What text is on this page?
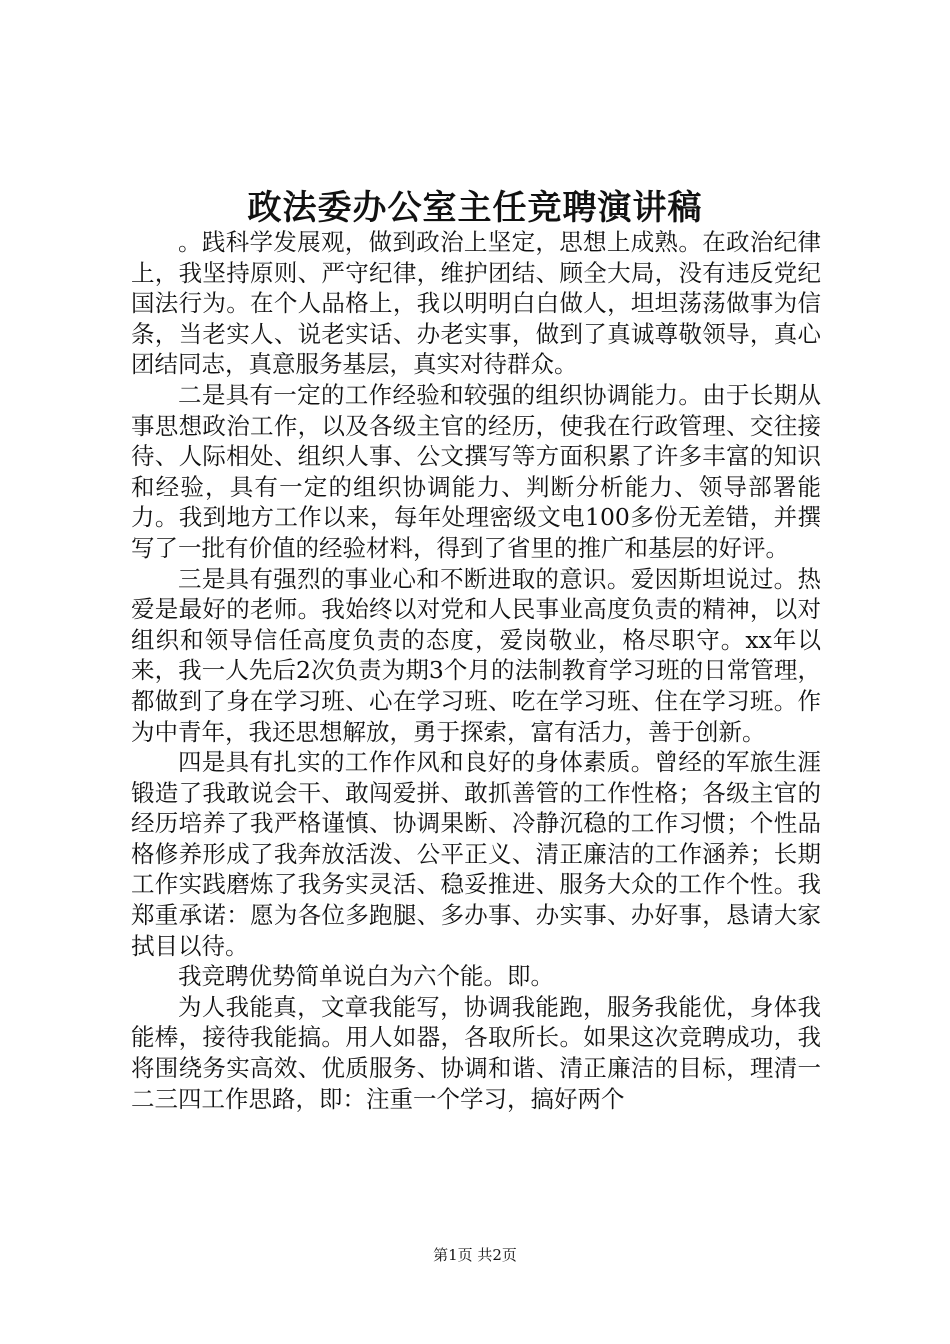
政法委办公室主任竞聘演讲稿

。践科学发展观，做到政治上坚定，思想上成熟。在政治纪律上，我坚持原则、严守纪律，维护团结、顾全大局，没有违反党纪国法行为。在个人品格上，我以明明白白做人，坦坦荡荡做事为信条，当老实人、说老实话、办老实事，做到了真诚尊敬领导，真心团结同志，真意服务基层，真实对待群众。

二是具有一定的工作经验和较强的组织协调能力。由于长期从事思想政治工作，以及各级主官的经历，使我在行政管理、交往接待、人际相处、组织人事、公文撰写等方面积累了许多丰富的知识和经验，具有一定的组织协调能力、判断分析能力、领导部署能力。我到地方工作以来，每年处理密级文电100多份无差错，并撰写了一批有价值的经验材料，得到了省里的推广和基层的好评。

三是具有强烈的事业心和不断进取的意识。爱因斯坦说过。热爱是最好的老师。我始终以对党和人民事业高度负责的精神，以对组织和领导信任高度负责的态度，爱岗敬业，格尽职守。xx年以来，我一人先后2次负责为期3个月的法制教育学习班的日常管理，都做到了身在学习班、心在学习班、吃在学习班、住在学习班。作为中青年，我还思想解放，勇于探索，富有活力，善于创新。

四是具有扎实的工作作风和良好的身体素质。曾经的军旅生涯锻造了我敢说会干、敢闯爱拼、敢抓善管的工作性格；各级主官的经历培养了我严格谨慎、协调果断、冷静沉稳的工作习惯；个性品格修养形成了我奔放活泼、公平正义、清正廉洁的工作涵养；长期工作实践磨炼了我务实灵活、稳妥推进、服务大众的工作个性。我郑重承诺：愿为各位多跑腿、多办事、办实事、办好事，恳请大家拭目以待。

我竞聘优势简单说白为六个能。即。

为人我能真，文章我能写，协调我能跑，服务我能优，身体我能棒，接待我能搞。用人如器，各取所长。如果这次竞聘成功，我将围绕务实高效、优质服务、协调和谐、清正廉洁的目标，理清一二三四工作思路，即：注重一个学习，搞好两个

第1页 共2页
